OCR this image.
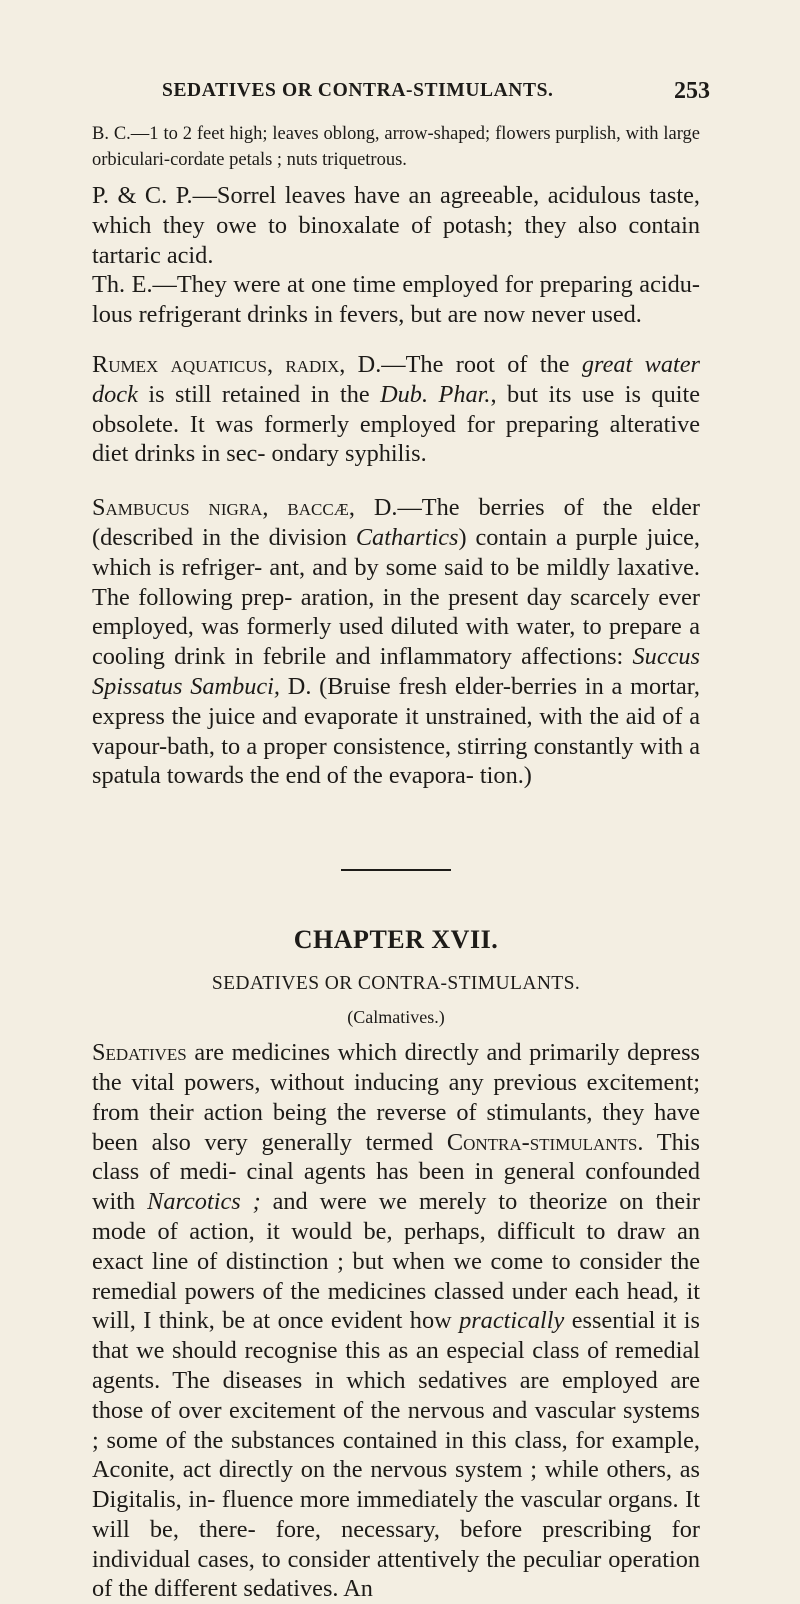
SEDATIVES OR CONTRA-STIMULANTS.	253

B. C.—1 to 2 feet high; leaves oblong, arrow-shaped; flowers purplish, with large orbiculari-cordate petals ; nuts triquetrous.

P. & C. P.—Sorrel leaves have an agreeable, acidulous taste, which they owe to binoxalate of potash; they also contain tartaric acid.

Th. E.—They were at one time employed for preparing acidu- lous refrigerant drinks in fevers, but are now never used.

Rumex aquaticus, radix, D.—The root of the great water dock is still retained in the Dub. Phar., but its use is quite obsolete. It was formerly employed for preparing alterative diet drinks in sec- ondary syphilis.

Sambucus nigra, baccæ, D.—The berries of the elder (described in the division Cathartics) contain a purple juice, which is refriger- ant, and by some said to be mildly laxative. The following prep- aration, in the present day scarcely ever employed, was formerly used diluted with water, to prepare a cooling drink in febrile and inflammatory affections: Succus Spissatus Sambuci, D. (Bruise fresh elder-berries in a mortar, express the juice and evaporate it unstrained, with the aid of a vapour-bath, to a proper consistence, stirring constantly with a spatula towards the end of the evapora- tion.)

CHAPTER XVII.
SEDATIVES OR CONTRA-STIMULANTS.
(Calmatives.)

Sedatives are medicines which directly and primarily depress the vital powers, without inducing any previous excitement; from their action being the reverse of stimulants, they have been also very generally termed Contra-stimulants. This class of medi- cinal agents has been in general confounded with Narcotics ; and were we merely to theorize on their mode of action, it would be, perhaps, difficult to draw an exact line of distinction ; but when we come to consider the remedial powers of the medicines classed under each head, it will, I think, be at once evident how practically essential it is that we should recognise this as an especial class of remedial agents. The diseases in which sedatives are employed are those of over excitement of the nervous and vascular systems ; some of the substances contained in this class, for example, Aconite, act directly on the nervous system ; while others, as Digitalis, in- fluence more immediately the vascular organs. It will be, there- fore, necessary, before prescribing for individual cases, to consider attentively the peculiar operation of the different sedatives. An
